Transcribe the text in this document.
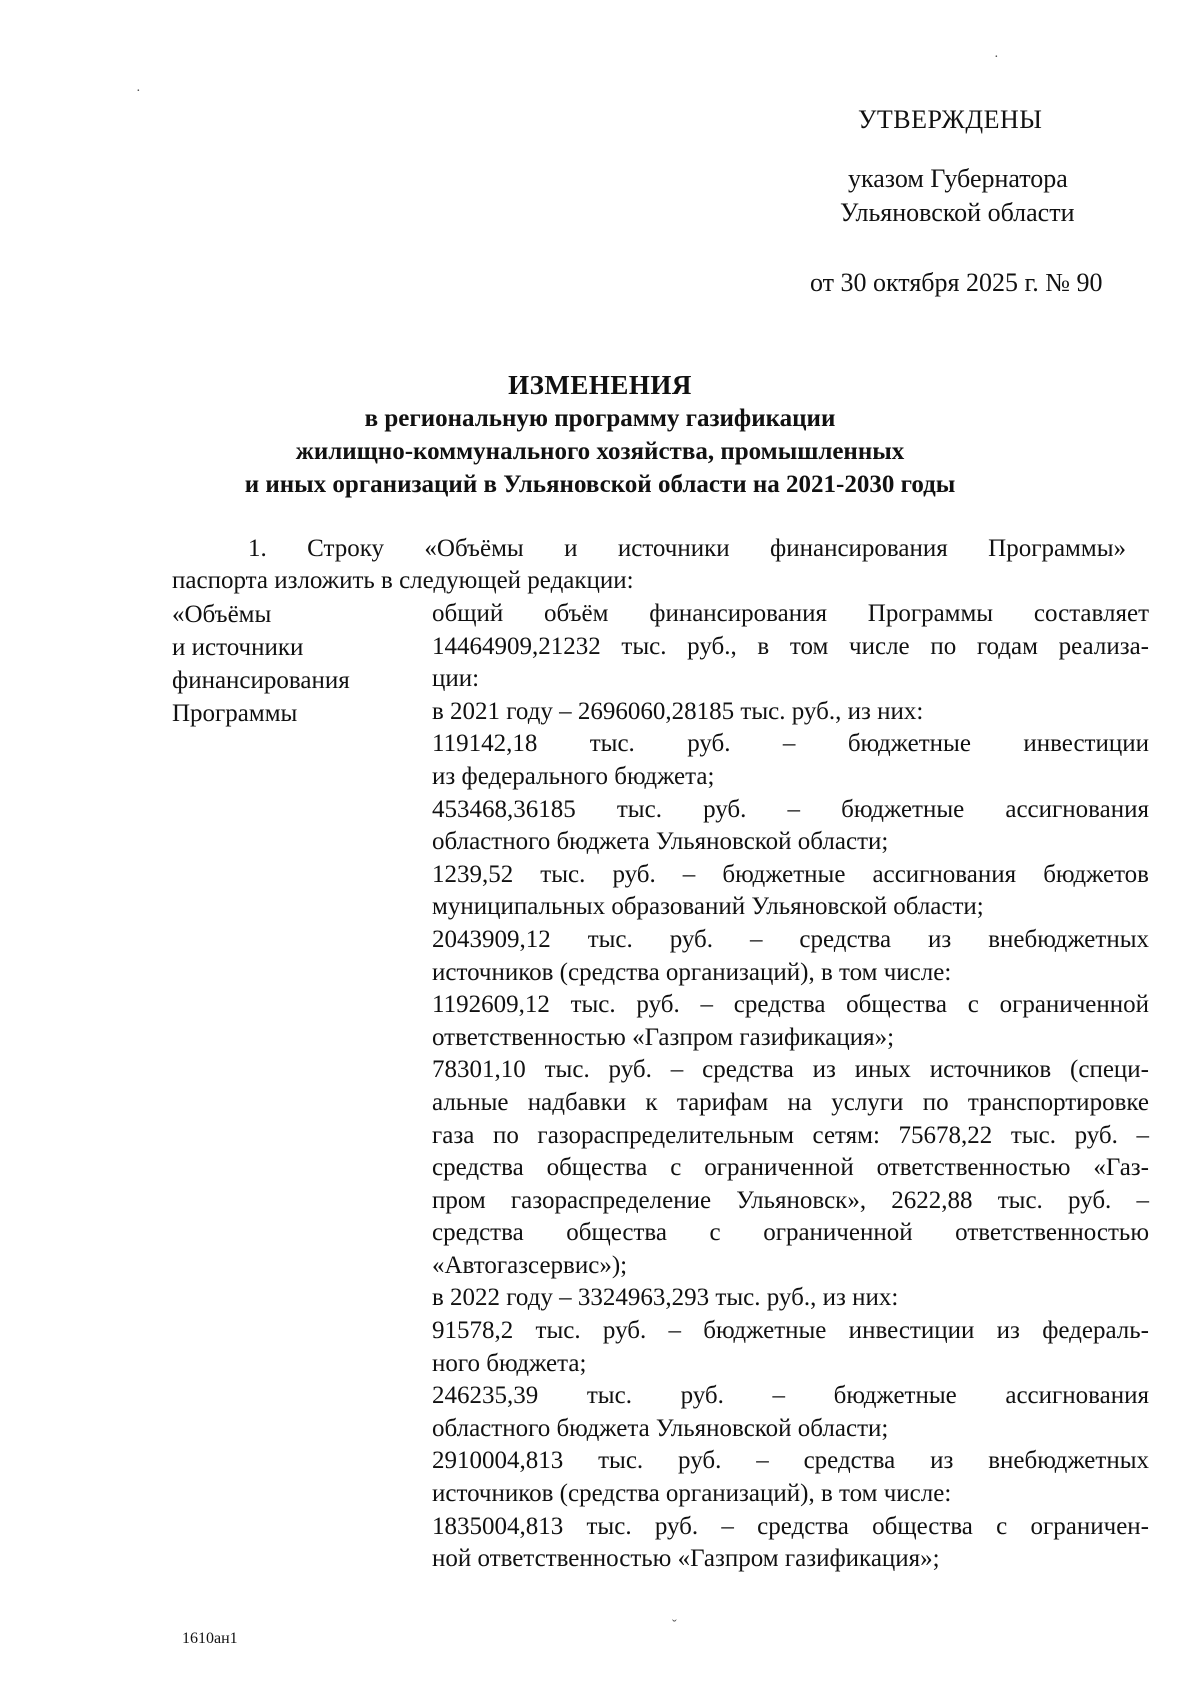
УТВЕРЖДЕНЫ
указом Губернатора
Ульяновской области
от 30 октября 2025 г. № 90
ИЗМЕНЕНИЯ
в региональную программу газификации
жилищно-коммунального хозяйства, промышленных
и иных организаций в Ульяновской области на 2021-2030 годы
1. Строку «Объёмы и источники финансирования Программы»
паспорта изложить в следующей редакции:
«Объёмы
и источники
финансирования
Программы

общий объём финансирования Программы составляет

14464909,21232 тыс. руб., в том числе по годам реализа-

ции:

в 2021 году – 2696060,28185 тыс. руб., из них:

119142,18 тыс. руб. – бюджетные инвестиции

из федерального бюджета;

453468,36185 тыс. руб. – бюджетные ассигнования

областного бюджета Ульяновской области;

1239,52 тыс. руб. – бюджетные ассигнования бюджетов

муниципальных образований Ульяновской области;

2043909,12 тыс. руб. – средства из внебюджетных

источников (средства организаций), в том числе:

1192609,12 тыс. руб. – средства общества с ограниченной

ответственностью «Газпром газификация»;

78301,10 тыс. руб. – средства из иных источников (специ-

альные надбавки к тарифам на услуги по транспортировке

газа по газораспределительным сетям: 75678,22 тыс. руб. –

средства общества с ограниченной ответственностью «Газ-

пром газораспределение Ульяновск», 2622,88 тыс. руб. –

средства общества с ограниченной ответственностью

«Автогазсервис»);

в 2022 году – 3324963,293 тыс. руб., из них:

91578,2 тыс. руб. – бюджетные инвестиции из федераль-

ного бюджета;

246235,39 тыс. руб. – бюджетные ассигнования

областного бюджета Ульяновской области;

2910004,813 тыс. руб. – средства из внебюджетных

источников (средства организаций), в том числе:

1835004,813 тыс. руб. – средства общества с ограничен-

ной ответственностью «Газпром газификация»;

1610ан1
·
·
ˇ
